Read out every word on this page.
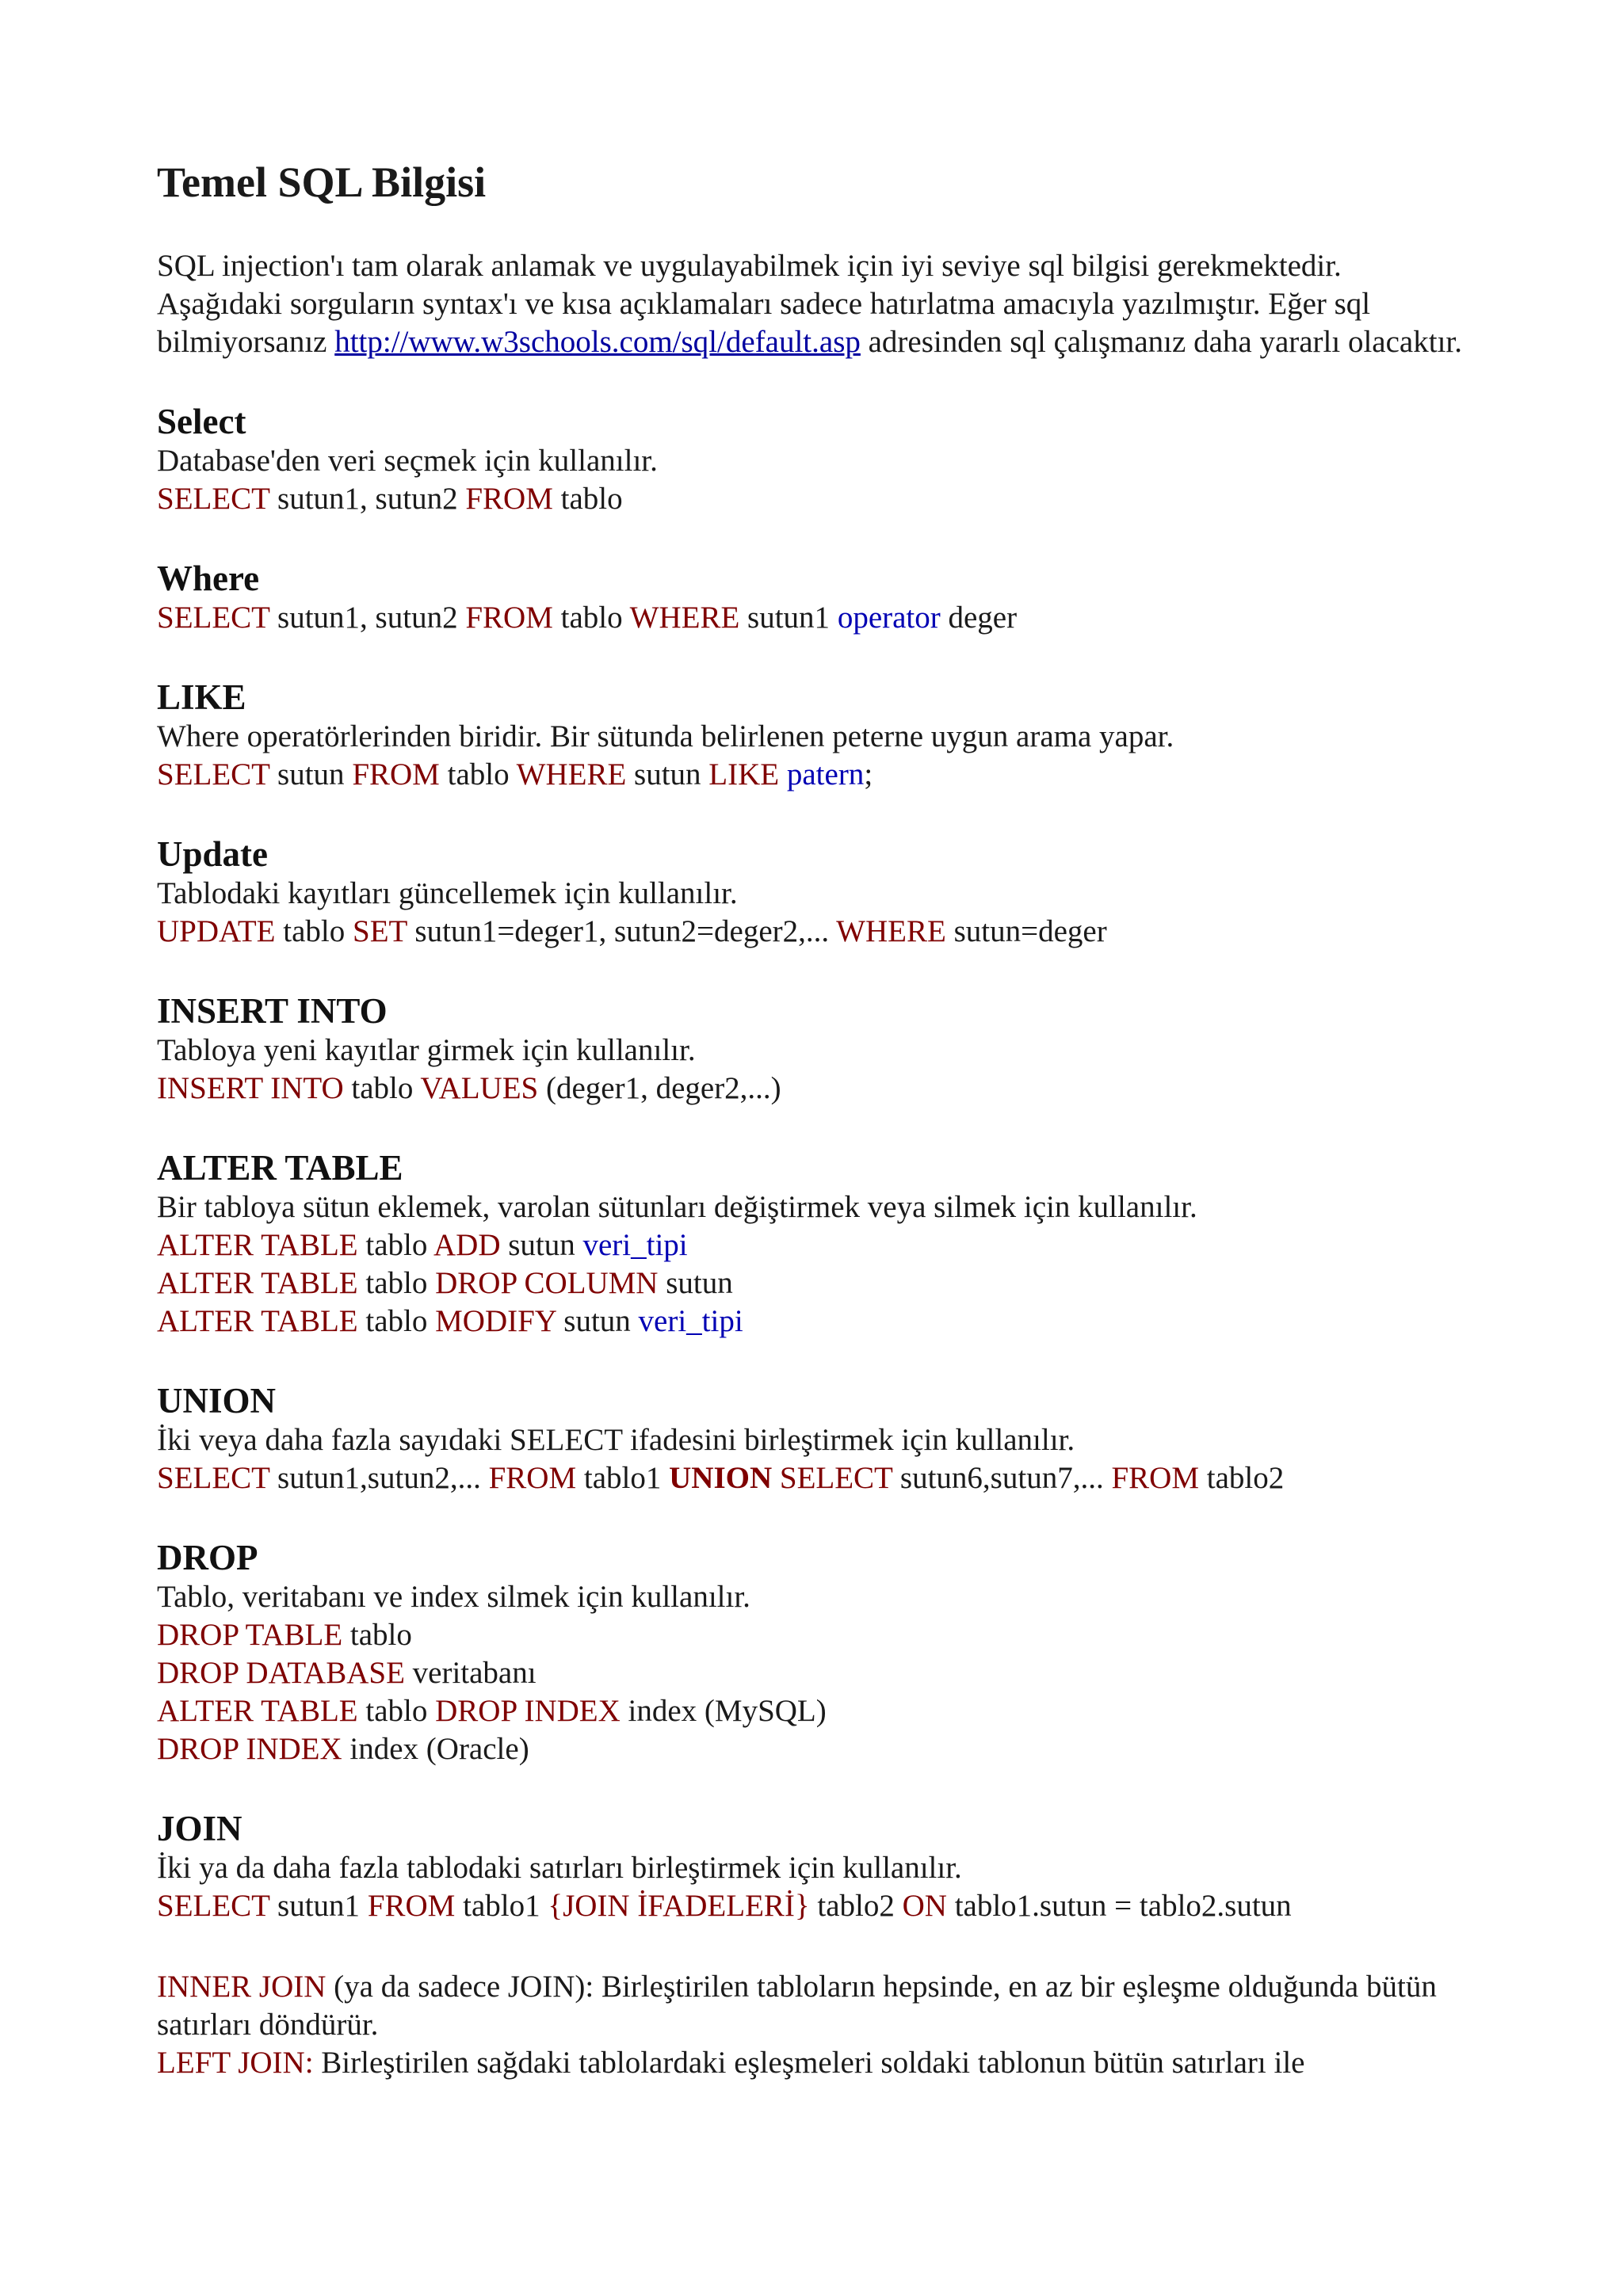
Temel SQL Bilgisi

SQL injection'ı tam olarak anlamak ve uygulayabilmek için iyi seviye sql bilgisi gerekmektedir. Aşağıdaki sorguların syntax'ı ve kısa açıklamaları sadece hatırlatma amacıyla yazılmıştır. Eğer sql bilmiyorsanız http://www.w3schools.com/sql/default.asp adresinden sql çalışmanız daha yararlı olacaktır.

Select

Database'den veri seçmek için kullanılır.

SELECT sutun1, sutun2 FROM tablo

Where

SELECT sutun1, sutun2 FROM tablo WHERE sutun1 operator deger

LIKE

Where operatörlerinden biridir. Bir sütunda belirlenen peterne uygun arama yapar.

SELECT sutun FROM tablo WHERE sutun LIKE patern;

Update

Tablodaki kayıtları güncellemek için kullanılır.

UPDATE tablo SET sutun1=deger1, sutun2=deger2,... WHERE sutun=deger

INSERT INTO

Tabloya yeni kayıtlar girmek için kullanılır.

INSERT INTO tablo VALUES (deger1, deger2,...)

ALTER TABLE

Bir tabloya sütun eklemek, varolan sütunları değiştirmek veya silmek için kullanılır.

ALTER TABLE tablo ADD sutun veri_tipi

ALTER TABLE tablo DROP COLUMN sutun

ALTER TABLE tablo MODIFY sutun veri_tipi

UNION

İki veya daha fazla sayıdaki SELECT ifadesini birleştirmek için kullanılır.

SELECT sutun1,sutun2,... FROM tablo1 UNION SELECT sutun6,sutun7,... FROM tablo2

DROP

Tablo, veritabanı ve index silmek için kullanılır.

DROP TABLE tablo

DROP DATABASE veritabanı

ALTER TABLE tablo DROP INDEX index (MySQL)

DROP INDEX index (Oracle)

JOIN

İki ya da daha fazla tablodaki satırları birleştirmek için kullanılır.

SELECT sutun1 FROM tablo1 {JOIN İFADELERİ} tablo2 ON tablo1.sutun = tablo2.sutun

INNER JOIN (ya da sadece JOIN): Birleştirilen tabloların hepsinde, en az bir eşleşme olduğunda bütün satırları döndürür.

LEFT JOIN: Birleştirilen sağdaki tablolardaki eşleşmeleri soldaki tablonun bütün satırları ile
